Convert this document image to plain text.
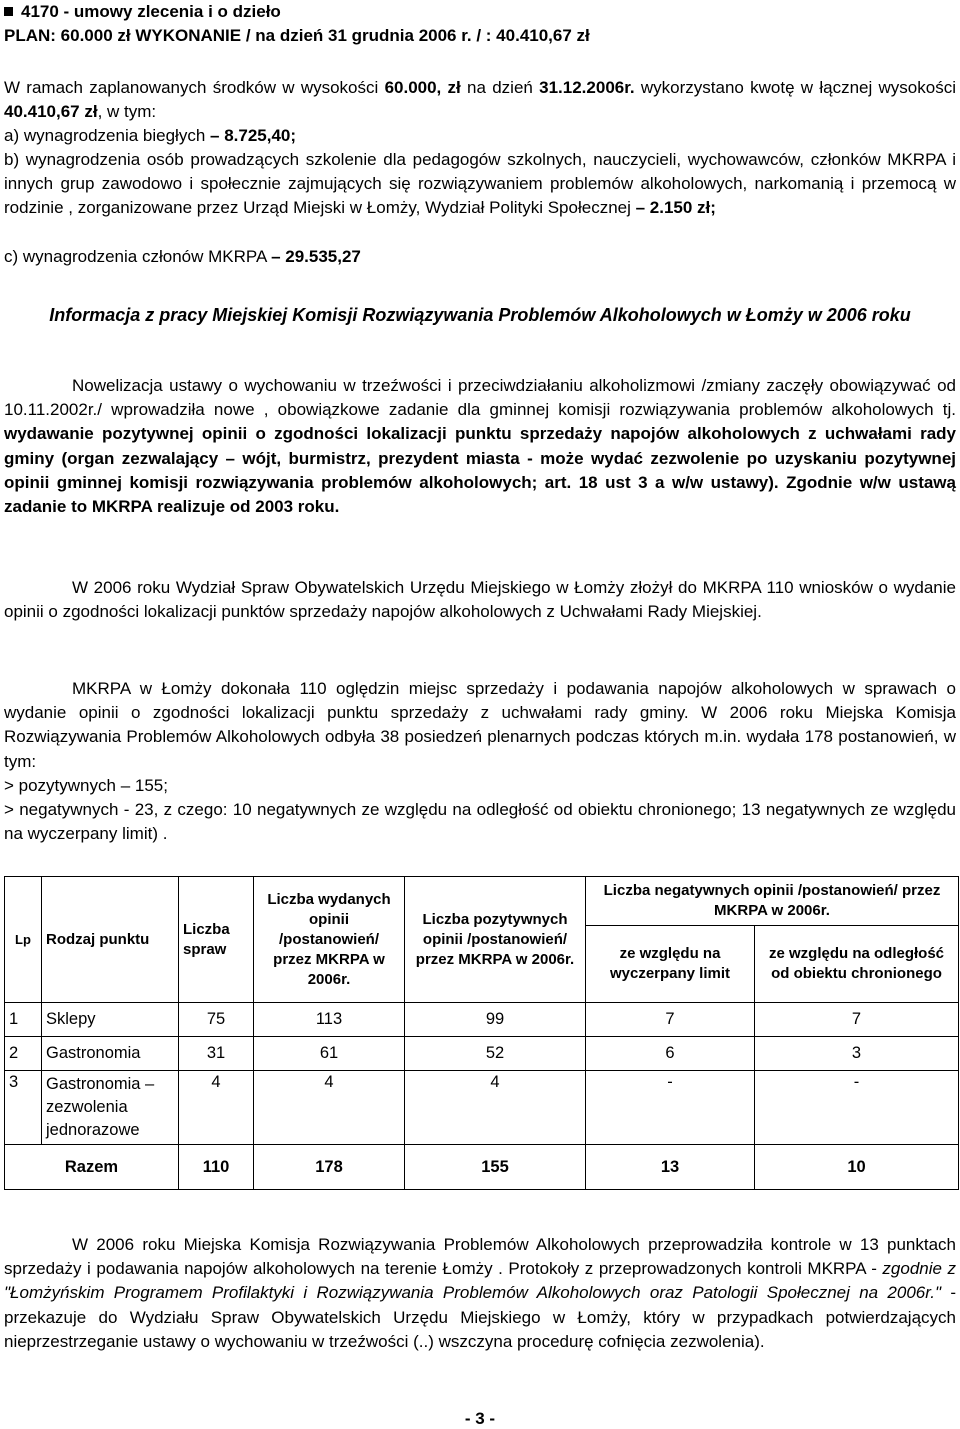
4170 - umowy zlecenia i o dzieło

PLAN: 60.000 zł WYKONANIE / na dzień 31 grudnia 2006 r. / : 40.410,67 zł

W ramach zaplanowanych środków w wysokości 60.000, zł na dzień 31.12.2006r. wykorzystano kwotę w łącznej wysokości 40.410,67 zł, w tym:

a) wynagrodzenia biegłych – 8.725,40;

b) wynagrodzenia osób prowadzących szkolenie dla pedagogów szkolnych, nauczycieli, wychowawców, członków MKRPA i innych grup zawodowo i społecznie zajmujących się rozwiązywaniem problemów alkoholowych, narkomanią i przemocą w rodzinie , zorganizowane przez Urząd Miejski w Łomży, Wydział Polityki Społecznej – 2.150 zł;

c) wynagrodzenia członów MKRPA – 29.535,27

Informacja z pracy Miejskiej Komisji Rozwiązywania Problemów Alkoholowych w Łomży w 2006 roku

Nowelizacja ustawy o wychowaniu w trzeźwości i przeciwdziałaniu alkoholizmowi /zmiany zaczęły obowiązywać od 10.11.2002r./ wprowadziła nowe , obowiązkowe zadanie dla gminnej komisji rozwiązywania problemów alkoholowych tj. wydawanie pozytywnej opinii o zgodności lokalizacji punktu sprzedaży napojów alkoholowych z uchwałami rady gminy (organ zezwalający – wójt, burmistrz, prezydent miasta - może wydać zezwolenie po uzyskaniu pozytywnej opinii gminnej komisji rozwiązywania problemów alkoholowych; art. 18 ust 3 a w/w ustawy). Zgodnie w/w ustawą zadanie to MKRPA realizuje od 2003 roku.

W 2006 roku Wydział Spraw Obywatelskich Urzędu Miejskiego w Łomży złożył do MKRPA 110 wniosków o wydanie opinii o zgodności lokalizacji punktów sprzedaży napojów alkoholowych z Uchwałami Rady Miejskiej.

MKRPA w Łomży dokonała 110 oględzin miejsc sprzedaży i podawania napojów alkoholowych w sprawach o wydanie opinii o zgodności lokalizacji punktu sprzedaży z uchwałami rady gminy. W 2006 roku Miejska Komisja Rozwiązywania Problemów Alkoholowych odbyła 38 posiedzeń plenarnych podczas których m.in. wydała 178 postanowień, w tym:

> pozytywnych – 155;

> negatywnych - 23, z czego: 10 negatywnych ze względu na odległość od obiektu chronionego; 13 negatywnych ze względu na wyczerpany limit) .

Lp	Rodzaj punktu	Liczba spraw	Liczba wydanych opinii /postanowień/ przez MKRPA w 2006r.	Liczba pozytywnych opinii /postanowień/ przez MKRPA w 2006r.	Liczba negatywnych opinii /postanowień/ przez MKRPA w 2006r.	
					ze względu na wyczerpany limit	ze względu na odległość od obiektu chronionego
1	Sklepy	75	113	99	7	7
2	Gastronomia	31	61	52	6	3
3	Gastronomia – zezwolenia jednorazowe	4	4	4	-	-
Razem		110	178	155	13	10

W 2006 roku Miejska Komisja Rozwiązywania Problemów Alkoholowych przeprowadziła kontrole w 13 punktach sprzedaży i podawania napojów alkoholowych na terenie Łomży . Protokoły z przeprowadzonych kontroli MKRPA - zgodnie z "Łomżyńskim Programem Profilaktyki i Rozwiązywania Problemów Alkoholowych oraz Patologii Społecznej na 2006r." - przekazuje do Wydziału Spraw Obywatelskich Urzędu Miejskiego w Łomży, który w przypadkach potwierdzających nieprzestrzeganie ustawy o wychowaniu w trzeźwości (..) wszczyna procedurę cofnięcia zezwolenia).

- 3 -
